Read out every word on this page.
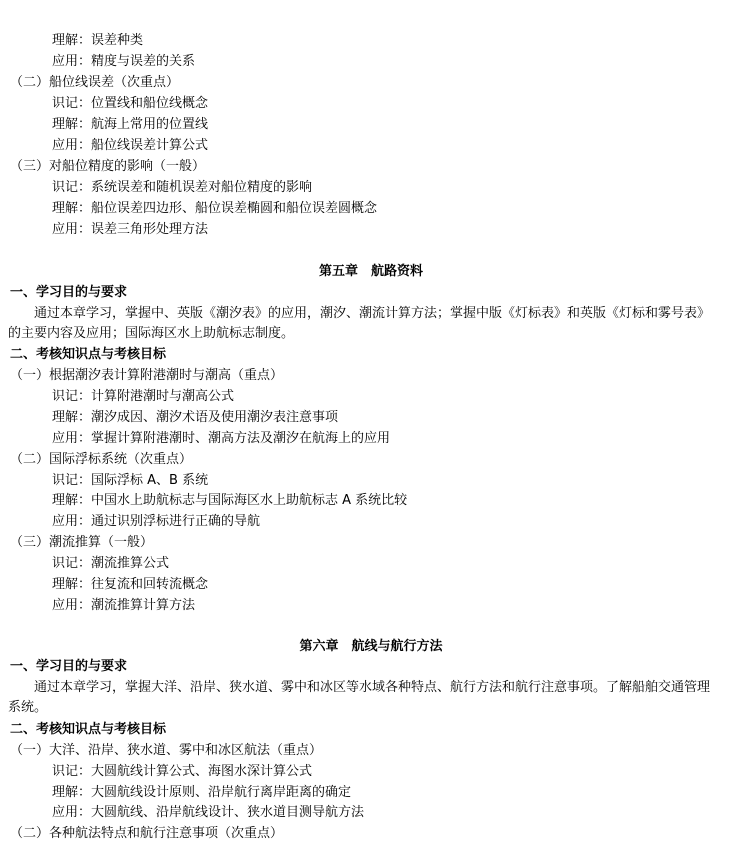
理解：误差种类
应用：精度与误差的关系
（二）船位线误差（次重点）
识记：位置线和船位线概念
理解：航海上常用的位置线
应用：船位线误差计算公式
（三）对船位精度的影响（一般）
识记：系统误差和随机误差对船位精度的影响
理解：船位误差四边形、船位误差椭圆和船位误差圆概念
应用：误差三角形处理方法
第五章　航路资料
一、学习目的与要求
通过本章学习，掌握中、英版《潮汐表》的应用，潮汐、潮流计算方法；掌握中版《灯标表》和英版《灯标和雾号表》的主要内容及应用；国际海区水上助航标志制度。
二、考核知识点与考核目标
（一）根据潮汐表计算附港潮时与潮高（重点）
识记：计算附港潮时与潮高公式
理解：潮汐成因、潮汐术语及使用潮汐表注意事项
应用：掌握计算附港潮时、潮高方法及潮汐在航海上的应用
（二）国际浮标系统（次重点）
识记：国际浮标 A、B 系统
理解：中国水上助航标志与国际海区水上助航标志 A 系统比较
应用：通过识别浮标进行正确的导航
（三）潮流推算（一般）
识记：潮流推算公式
理解：往复流和回转流概念
应用：潮流推算计算方法
第六章　航线与航行方法
一、学习目的与要求
通过本章学习，掌握大洋、沿岸、狭水道、雾中和冰区等水域各种特点、航行方法和航行注意事项。了解船舶交通管理系统。
二、考核知识点与考核目标
（一）大洋、沿岸、狭水道、雾中和冰区航法（重点）
识记：大圆航线计算公式、海图水深计算公式
理解：大圆航线设计原则、沿岸航行离岸距离的确定
应用：大圆航线、沿岸航线设计、狭水道目测导航方法
（二）各种航法特点和航行注意事项（次重点）
